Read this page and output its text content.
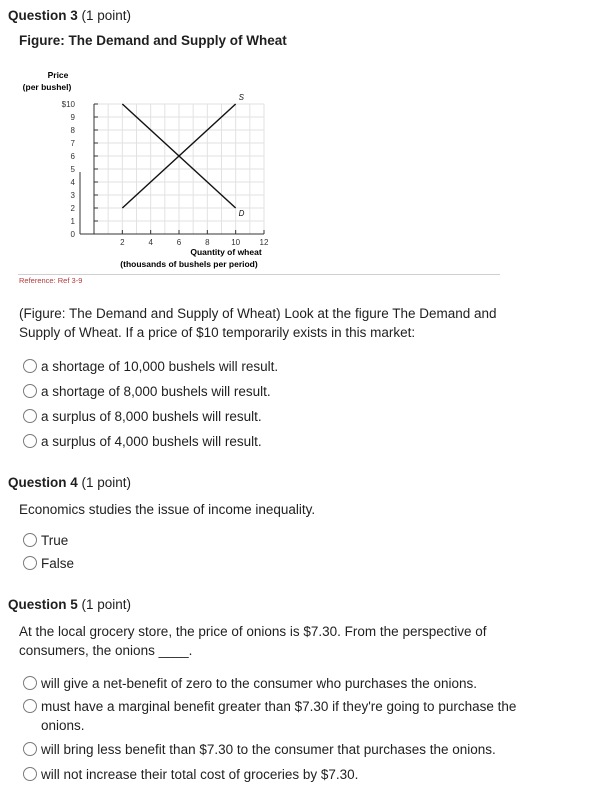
Question 3 (1 point)
Figure: The Demand and Supply of Wheat
$10
9
8
7
6
5
4
3
2
1
0
2	4	6	8	10 12
S
D
Price
(per bushel)
Quantity of wheat
(thousands of bushels per period)
Reference: Ref 3-9
(Figure: The Demand and Supply of Wheat) Look at the figure The Demand and
Supply of Wheat. If a price of $10 temporarily exists in this market:
a shortage of 10,000 bushels will result.
a shortage of 8,000 bushels will result.
a surplus of 8,000 bushels will result.
a surplus of 4,000 bushels will result.
Question 4 (1 point)
Economics studies the issue of income inequality.
True
False
Question 5 (1 point)
At the local grocery store, the price of onions is $7.30. From the perspective of
consumers, the onions ____.
will give a net-benefit of zero to the consumer who purchases the onions.
must have a marginal benefit greater than $7.30 if they're going to purchase the
onions.
will bring less benefit than $7.30 to the consumer that purchases the onions.
will not increase their total cost of groceries by $7.30.
